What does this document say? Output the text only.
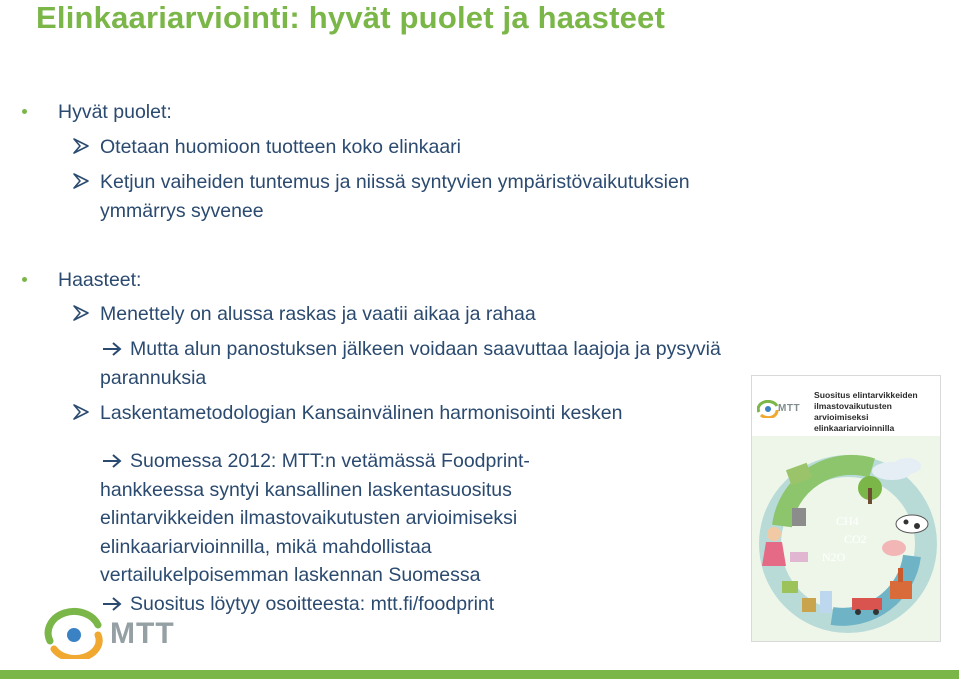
Elinkaariarviointi: hyvät puolet ja haasteet
Hyvät puolet:
Otetaan huomioon tuotteen koko elinkaari
Ketjun vaiheiden tuntemus ja niissä syntyvien ympäristövaikutuksien
ymmärrys syvenee
Haasteet:
Menettely on alussa raskas ja vaatii aikaa ja rahaa
Mutta alun panostuksen jälkeen voidaan saavuttaa laajoja ja pysyviä
parannuksia
Laskentametodologian Kansainvälinen harmonisointi kesken
Suomessa 2012: MTT:n vetämässä Foodprint-
hankkeessa syntyi kansallinen laskentasuositus
elintarvikkeiden ilmastovaikutusten arvioimiseksi
elinkaariarvioinnilla, mikä mahdollistaa
vertailukelpoisemman laskennan Suomessa
Suositus löytyy osoitteesta: mtt.fi/foodprint
MTT
Suositus elintarvikkeiden
ilmastovaikutusten arvioimiseksi
elinkaariarvioinnilla
CH4
CO2
N2O
MTT
